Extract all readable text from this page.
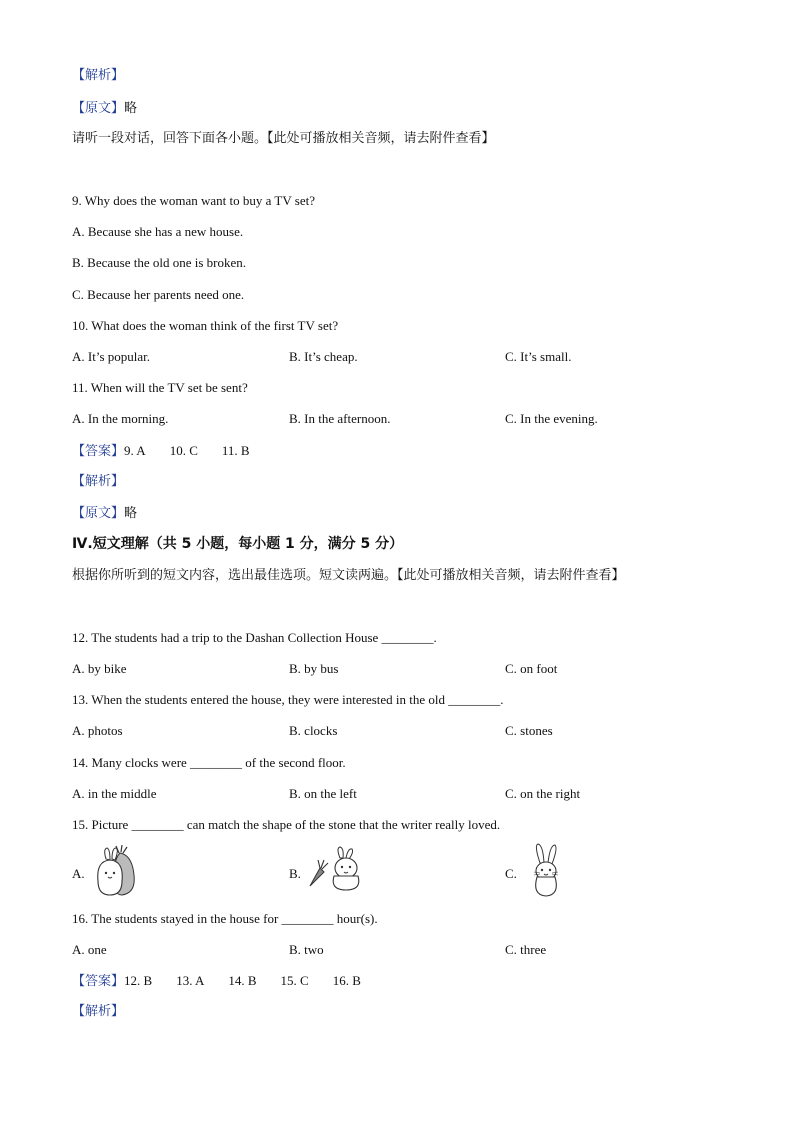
【解析】
【原文】略
请听一段对话，回答下面各小题。【此处可播放相关音频，请去附件查看】
9. Why does the woman want to buy a TV set?
A. Because she has a new house.
B. Because the old one is broken.
C. Because her parents need one.
10. What does the woman think of the first TV set?
A. It’s popular.	B. It’s cheap.	C. It’s small.
11. When will the TV set be sent?
A. In the morning.	B. In the afternoon.	C. In the evening.
【答案】9. A 10. C 11. B
【解析】
【原文】略
Ⅳ.短文理解（共 5 小题，每小题 1 分，满分 5 分）
根据你所听到的短文内容，选出最佳选项。短文读两遍。【此处可播放相关音频，请去附件查看】
12. The students had a trip to the Dashan Collection House ________.
A. by bike	B. by bus	C. on foot
13. When the students entered the house, they were interested in the old ________.
A. photos	B. clocks	C. stones
14. Many clocks were ________ of the second floor.
A. in the middle	B. on the left	C. on the right
15. Picture ________ can match the shape of the stone that the writer really loved.
A.	B.	C.
16. The students stayed in the house for ________ hour(s).
A. one	B. two	C. three
【答案】12. B 13. A 14. B 15. C 16. B
【解析】
